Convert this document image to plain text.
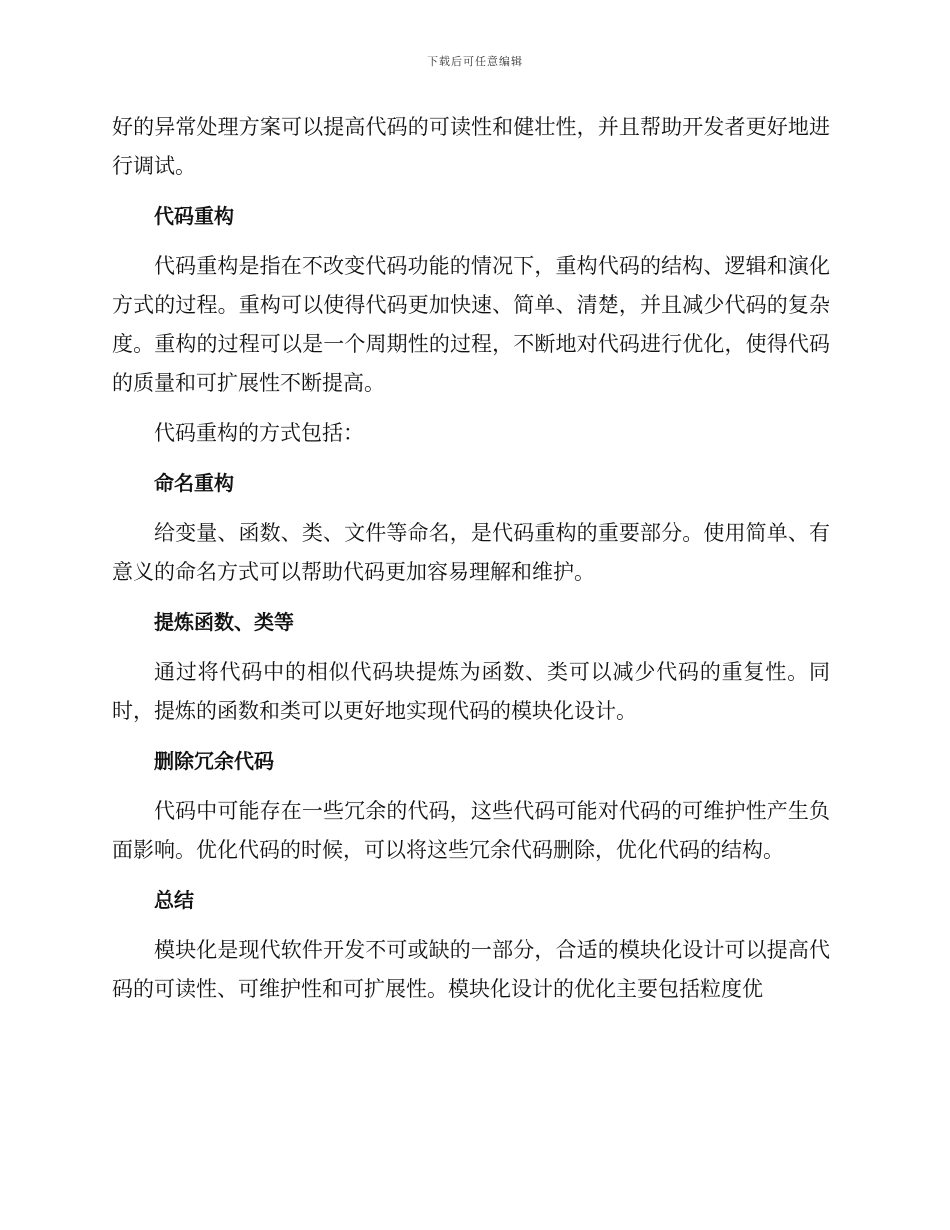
下载后可任意编辑

好的异常处理方案可以提高代码的可读性和健壮性，并且帮助开发者更好地进行调试。

代码重构

代码重构是指在不改变代码功能的情况下，重构代码的结构、逻辑和演化方式的过程。重构可以使得代码更加快速、简单、清楚，并且减少代码的复杂度。重构的过程可以是一个周期性的过程，不断地对代码进行优化，使得代码的质量和可扩展性不断提高。

代码重构的方式包括：

命名重构

给变量、函数、类、文件等命名，是代码重构的重要部分。使用简单、有意义的命名方式可以帮助代码更加容易理解和维护。

提炼函数、类等

通过将代码中的相似代码块提炼为函数、类可以减少代码的重复性。同时，提炼的函数和类可以更好地实现代码的模块化设计。

删除冗余代码

代码中可能存在一些冗余的代码，这些代码可能对代码的可维护性产生负面影响。优化代码的时候，可以将这些冗余代码删除，优化代码的结构。

总结

模块化是现代软件开发不可或缺的一部分，合适的模块化设计可以提高代码的可读性、可维护性和可扩展性。模块化设计的优化主要包括粒度优
